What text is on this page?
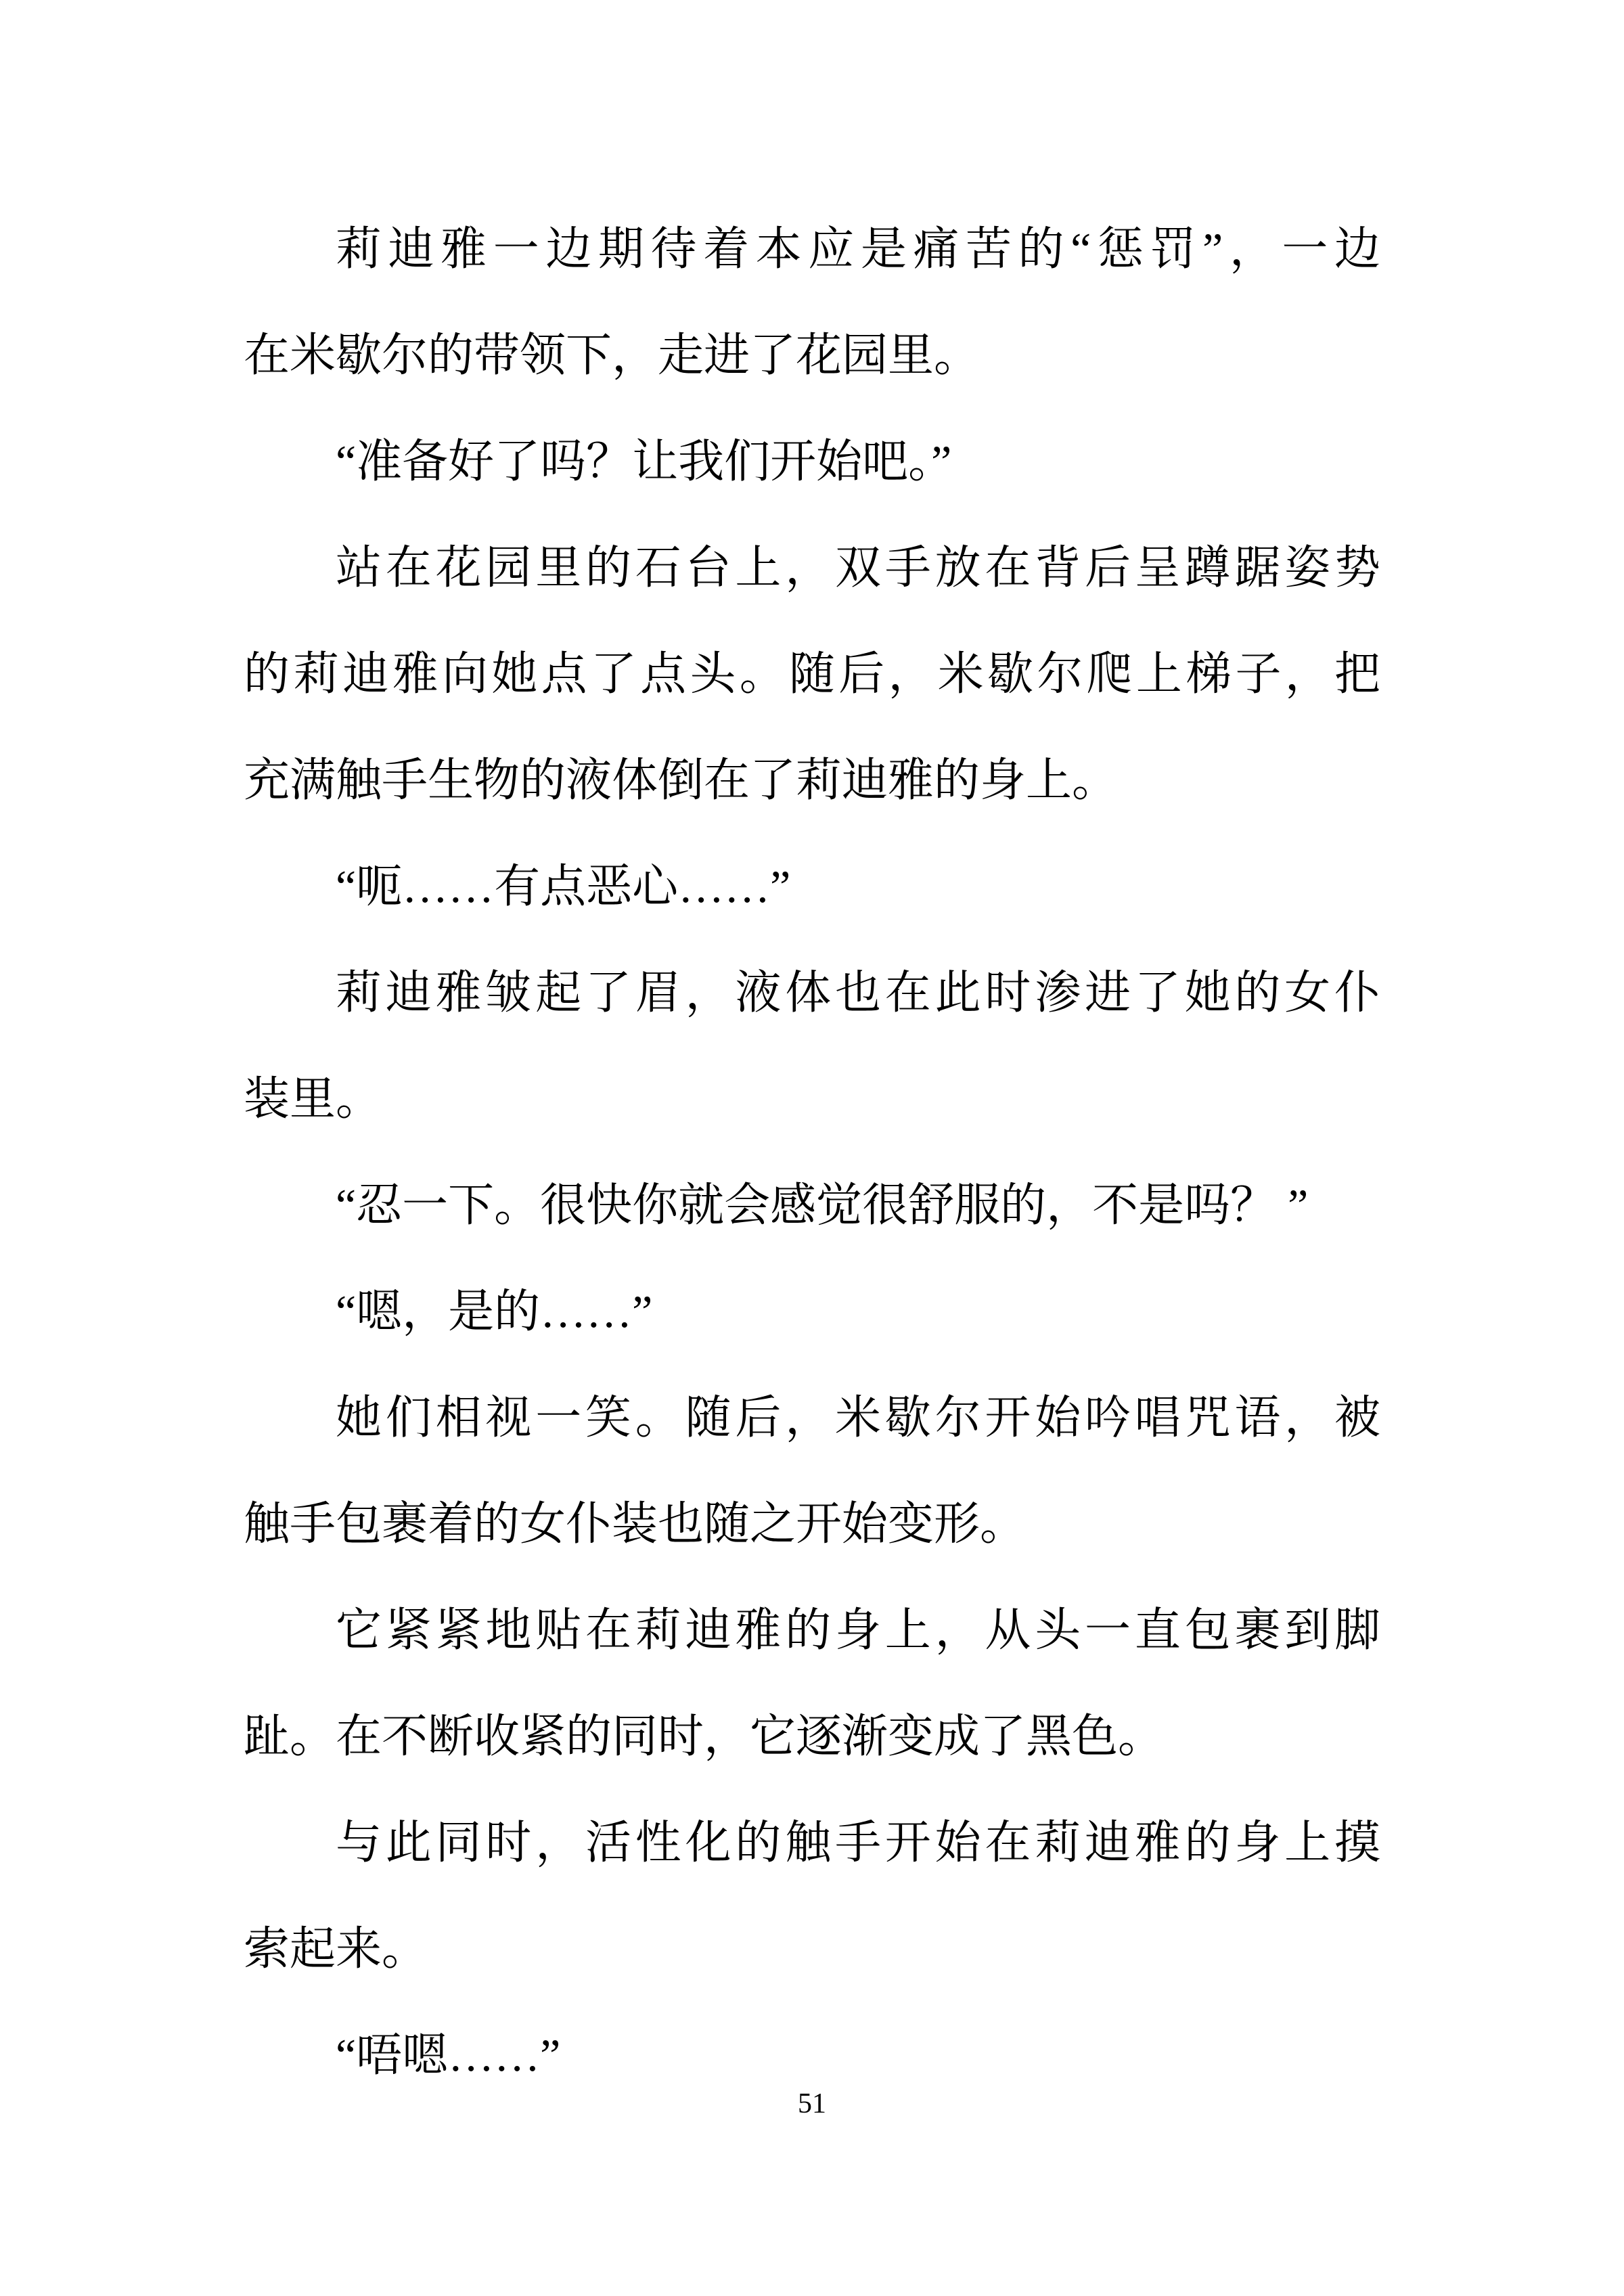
莉迪雅一边期待着本应是痛苦的“惩罚”，一边
在米歇尔的带领下，走进了花园里。
“准备好了吗？让我们开始吧。”
站在花园里的石台上，双手放在背后呈蹲踞姿势
的莉迪雅向她点了点头。随后，米歇尔爬上梯子，把
充满触手生物的液体倒在了莉迪雅的身上。
“呃……有点恶心……”
莉迪雅皱起了眉，液体也在此时渗进了她的女仆
装里。
“忍一下。很快你就会感觉很舒服的，不是吗？ ”
“嗯，是的……”
她们相视一笑。随后，米歇尔开始吟唱咒语，被
触手包裹着的女仆装也随之开始变形。
它紧紧地贴在莉迪雅的身上，从头一直包裹到脚
趾。在不断收紧的同时，它逐渐变成了黑色。
与此同时，活性化的触手开始在莉迪雅的身上摸
索起来。
“唔嗯……”
51
